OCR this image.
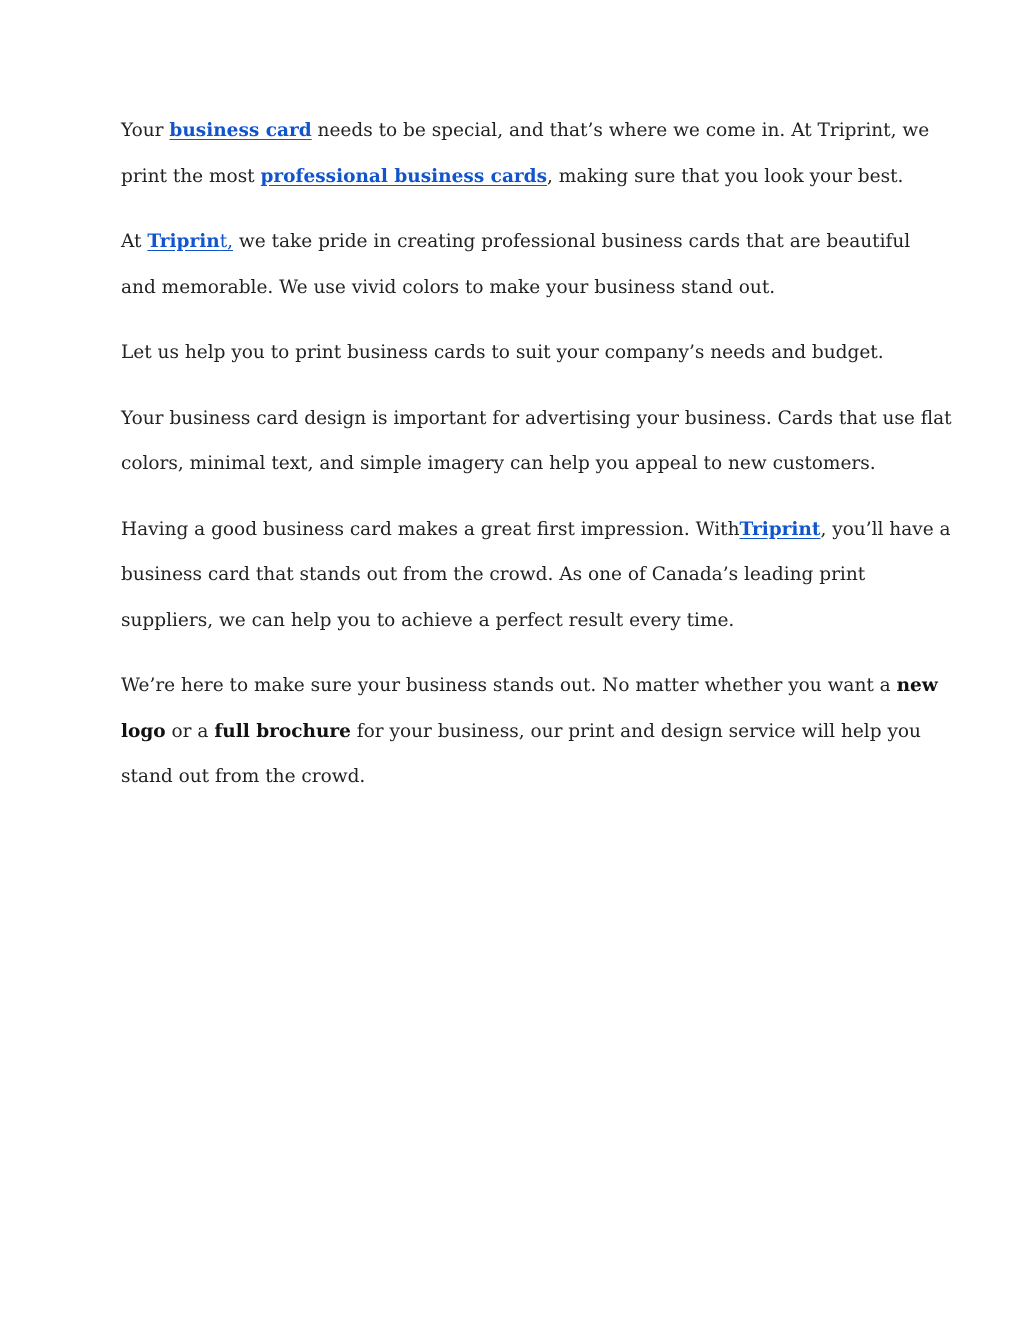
Your business card needs to be special, and that’s where we come in. At Triprint, we
print the most professional business cards, making sure that you look your best.

At Triprint, we take pride in creating professional business cards that are beautiful
and memorable. We use vivid colors to make your business stand out.

Let us help you to print business cards to suit your company’s needs and budget.

Your business card design is important for advertising your business. Cards that use flat
colors, minimal text, and simple imagery can help you appeal to new customers.

Having a good business card makes a great first impression. WithTriprint, you’ll have a
business card that stands out from the crowd. As one of Canada’s leading print
suppliers, we can help you to achieve a perfect result every time.

We’re here to make sure your business stands out. No matter whether you want a new
logo or a full brochure for your business, our print and design service will help you
stand out from the crowd.
